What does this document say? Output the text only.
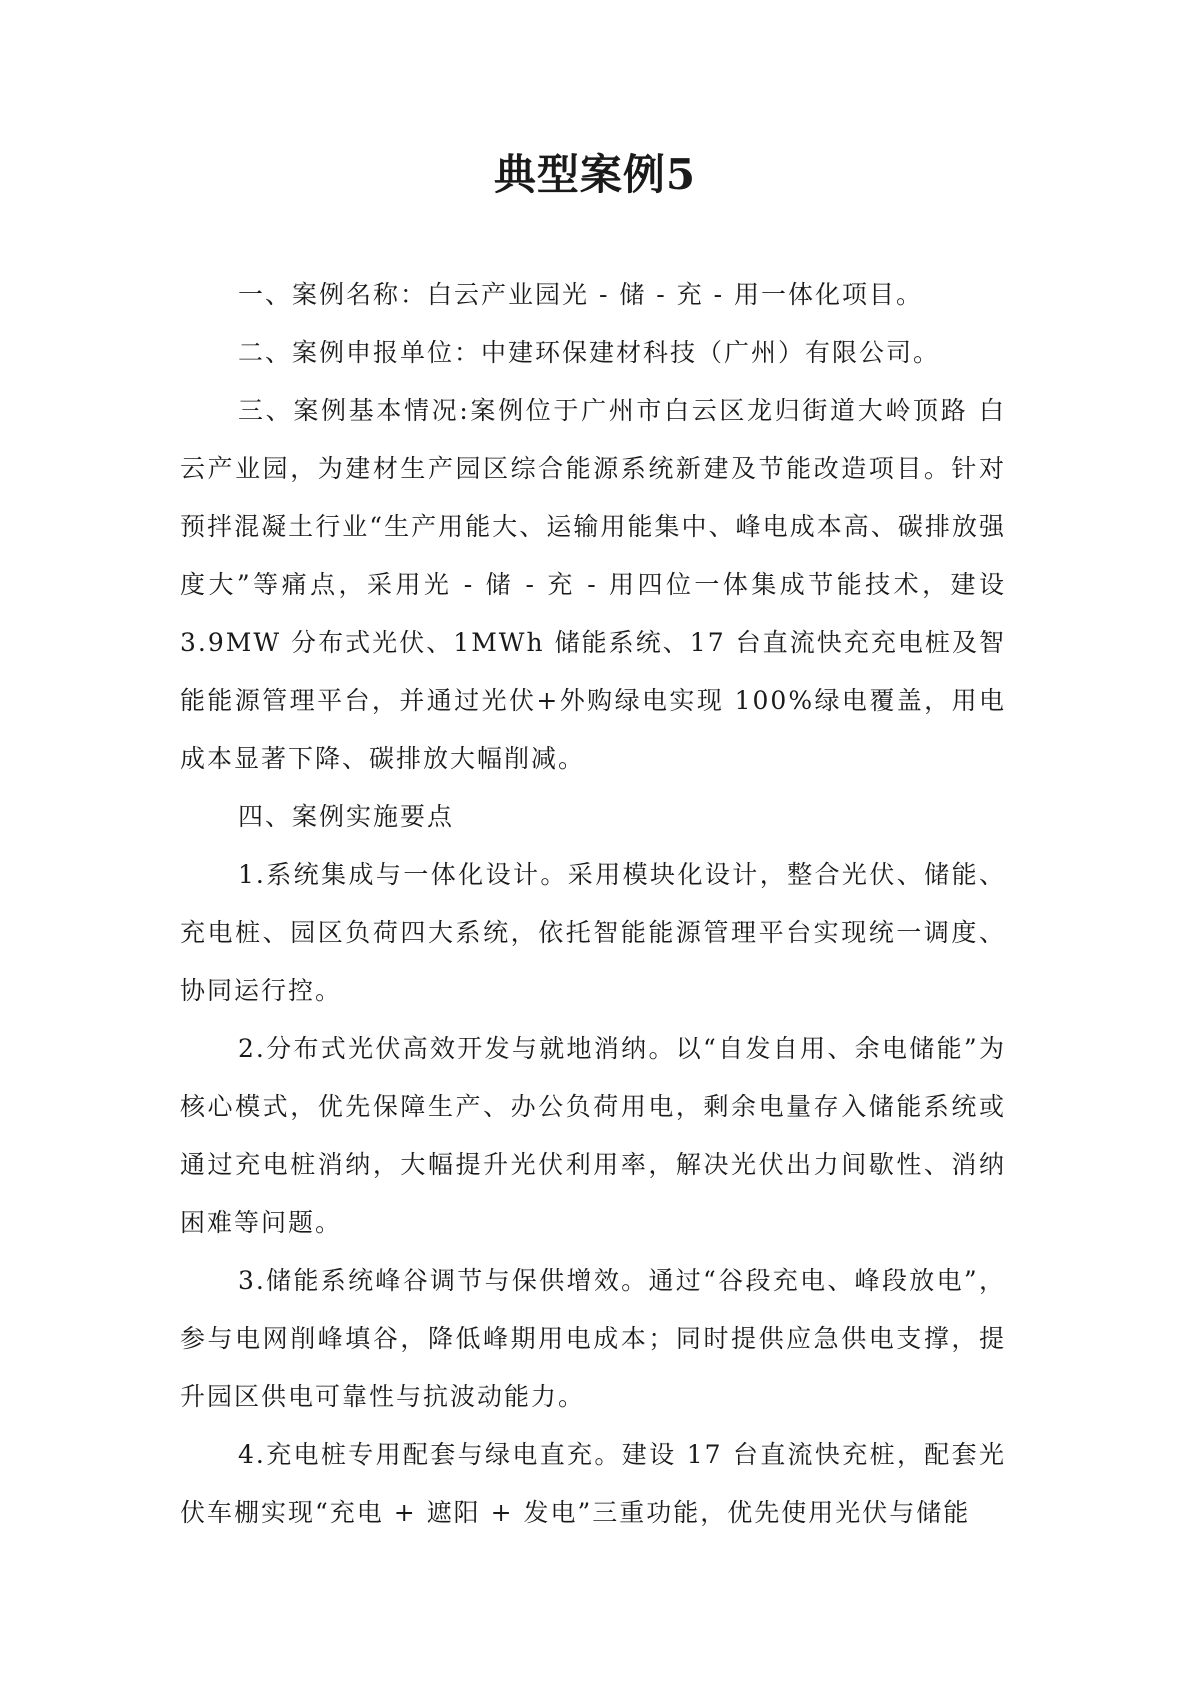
典型案例5

一、案例名称：白云产业园光 - 储 - 充 - 用一体化项目。

二、案例申报单位：中建环保建材科技（广州）有限公司。

三、案例基本情况:案例位于广州市白云区龙归街道大岭顶路 白云产业园，为建材生产园区综合能源系统新建及节能改造项目。针对预拌混凝土行业“生产用能大、运输用能集中、峰电成本高、碳排放强度大”等痛点，采用光 - 储 - 充 - 用四位一体集成节能技术，建设 3.9MW 分布式光伏、1MWh 储能系统、17 台直流快充充电桩及智能能源管理平台，并通过光伏+外购绿电实现 100%绿电覆盖，用电成本显著下降、碳排放大幅削减。

四、案例实施要点

1.系统集成与一体化设计。采用模块化设计，整合光伏、储能、充电桩、园区负荷四大系统，依托智能能源管理平台实现统一调度、协同运行控。

2.分布式光伏高效开发与就地消纳。以“自发自用、余电储能”为核心模式，优先保障生产、办公负荷用电，剩余电量存入储能系统或通过充电桩消纳，大幅提升光伏利用率，解决光伏出力间歇性、消纳困难等问题。

3.储能系统峰谷调节与保供增效。通过“谷段充电、峰段放电”，参与电网削峰填谷，降低峰期用电成本；同时提供应急供电支撑，提升园区供电可靠性与抗波动能力。

4.充电桩专用配套与绿电直充。建设 17 台直流快充桩，配套光伏车棚实现“充电 + 遮阳 + 发电”三重功能，优先使用光伏与储能
